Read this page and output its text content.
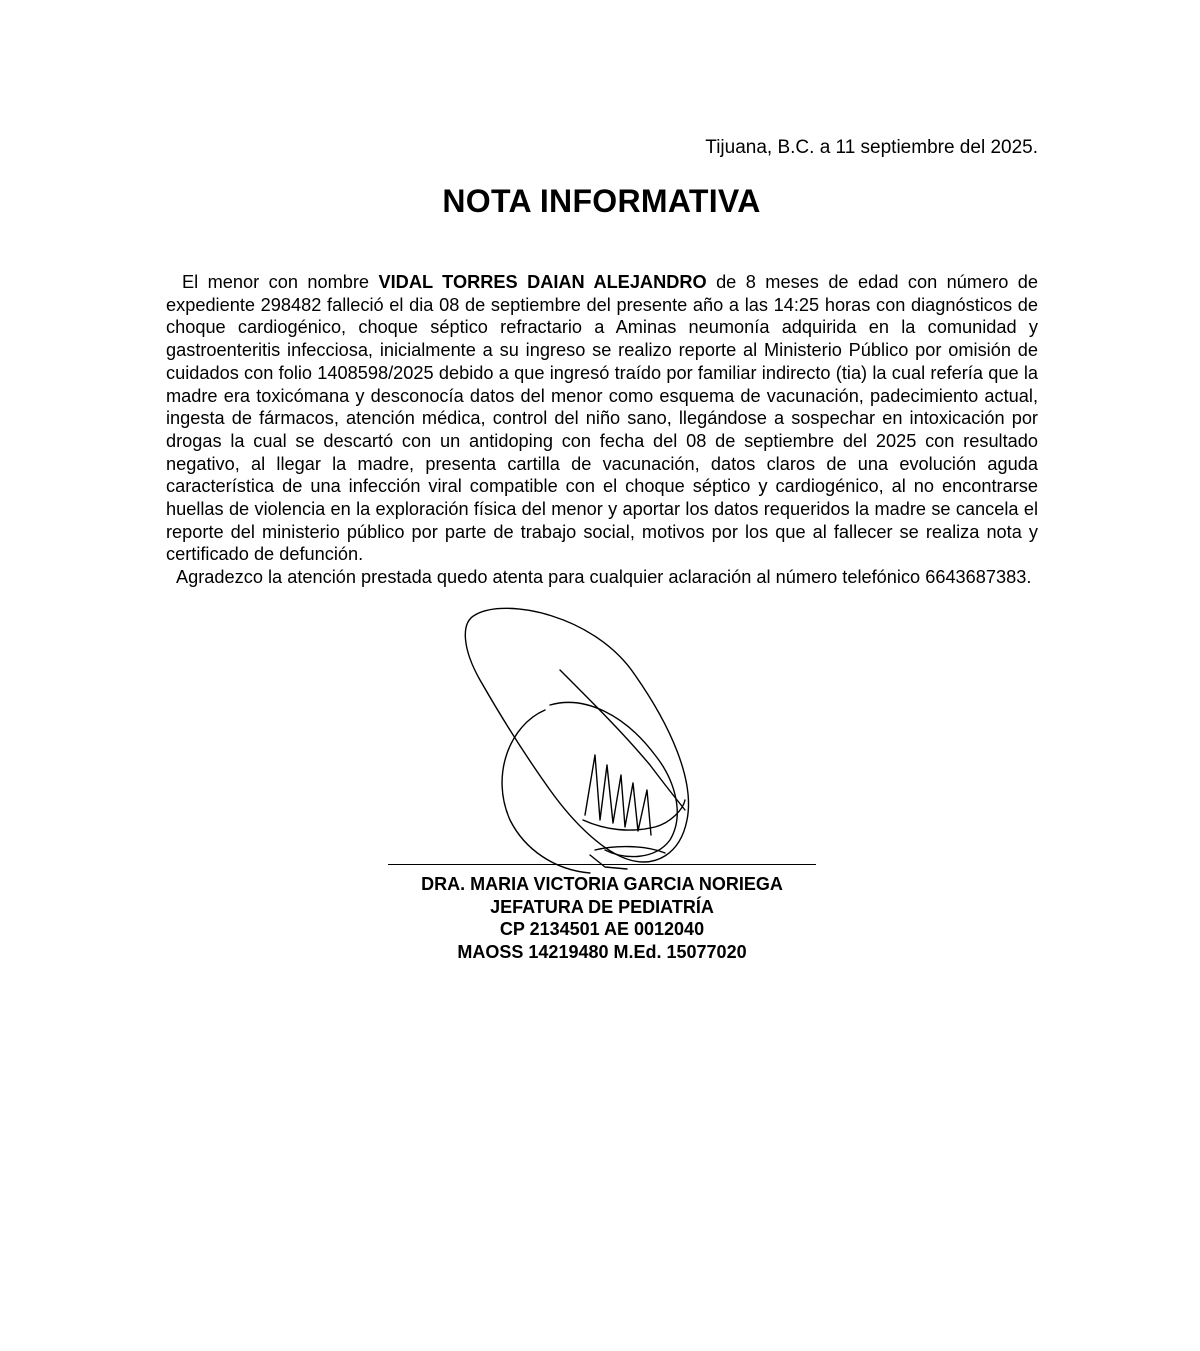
Tijuana, B.C. a 11 septiembre del 2025.
NOTA INFORMATIVA

El menor con nombre VIDAL TORRES DAIAN ALEJANDRO de 8 meses de edad con número de expediente 298482 falleció el dia 08 de septiembre del presente año a las 14:25 horas con diagnósticos de choque cardiogénico, choque séptico refractario a Aminas neumonía adquirida en la comunidad y gastroenteritis infecciosa, inicialmente a su ingreso se realizo reporte al Ministerio Público por omisión de cuidados con folio 1408598/2025 debido a que ingresó traído por familiar indirecto (tia) la cual refería que la madre era toxicómana y desconocía datos del menor como esquema de vacunación, padecimiento actual, ingesta de fármacos, atención médica, control del niño sano, llegándose a sospechar en intoxicación por drogas la cual se descartó con un antidoping con fecha del 08 de septiembre del 2025 con resultado negativo, al llegar la madre, presenta cartilla de vacunación, datos claros de una evolución aguda característica de una infección viral compatible con el choque séptico y cardiogénico, al no encontrarse huellas de violencia en la exploración física del menor y aportar los datos requeridos la madre se cancela el reporte del ministerio público por parte de trabajo social, motivos por los que al fallecer se realiza nota y certificado de defunción.

Agradezco la atención prestada quedo atenta para cualquier aclaración al número telefónico 6643687383.

DRA. MARIA VICTORIA GARCIA NORIEGA
JEFATURA DE PEDIATRÍA
CP 2134501 AE 0012040
MAOSS 14219480 M.Ed. 15077020
